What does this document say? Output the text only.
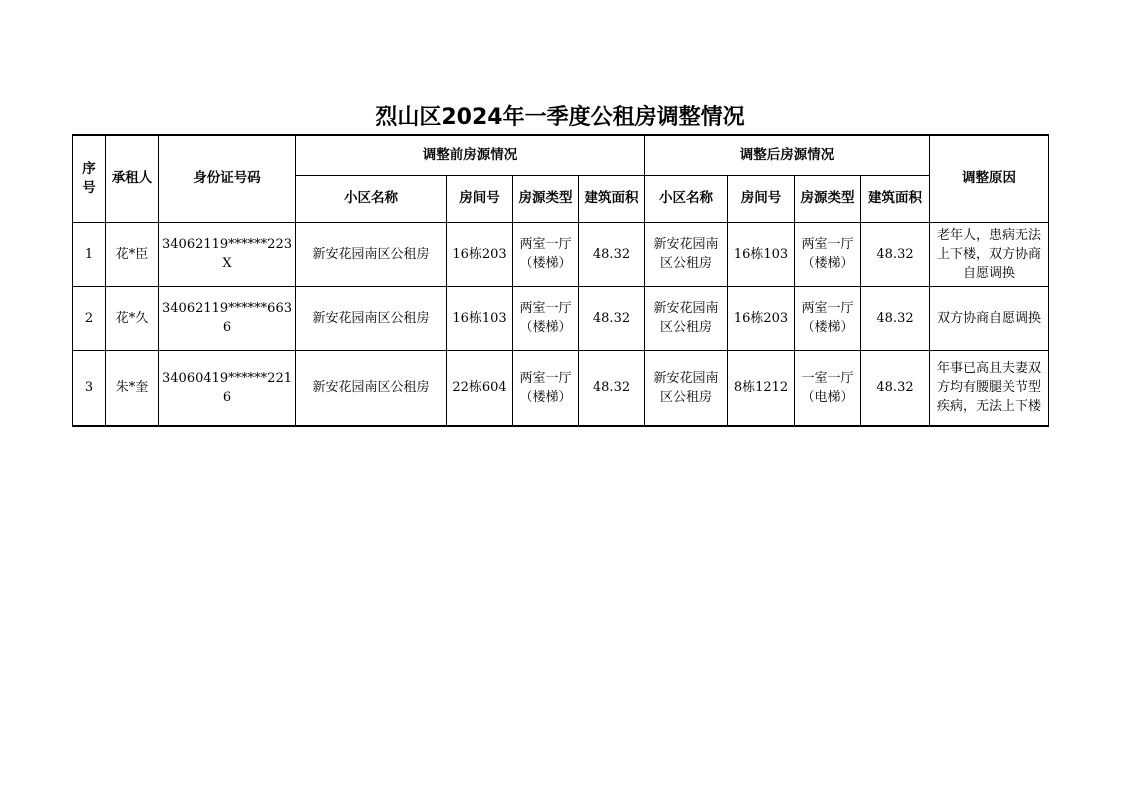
烈山区2024年一季度公租房调整情况
序号	承租人	身份证号码	调整前房源情况				调整后房源情况				调整原因
			小区名称	房间号	房源类型	建筑面积	小区名称	房间号	房源类型	建筑面积	
1	花*臣	34062119******223X	新安花园南区公租房	16栋203	两室一厅（楼梯）	48.32	新安花园南区公租房	16栋103	两室一厅（楼梯）	48.32	老年人，患病无法上下楼，双方协商自愿调换
2	花*久	34062119******6636	新安花园南区公租房	16栋103	两室一厅（楼梯）	48.32	新安花园南区公租房	16栋203	两室一厅（楼梯）	48.32	双方协商自愿调换
3	朱*奎	34060419******2216	新安花园南区公租房	22栋604	两室一厅（楼梯）	48.32	新安花园南区公租房	8栋1212	一室一厅（电梯）	48.32	年事已高且夫妻双方均有腰腿关节型疾病，无法上下楼
